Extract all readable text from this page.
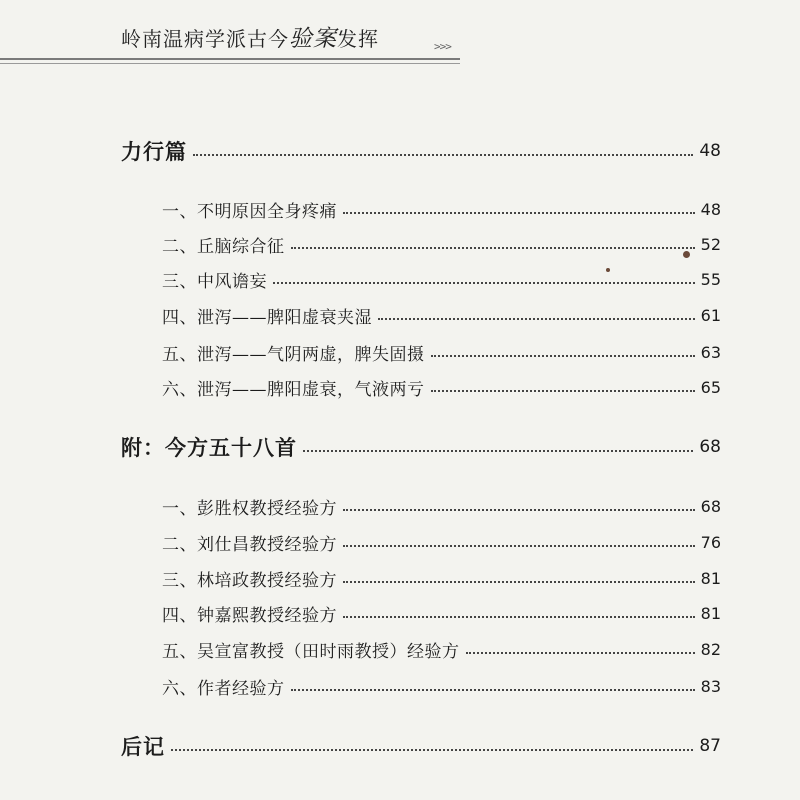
岭南温病学派古今验案发挥	>>>
力行篇	48
一、不明原因全身疼痛	48
二、丘脑综合征	52
三、中风谵妄	55
四、泄泻——脾阳虚衰夹湿	61
五、泄泻——气阴两虚，脾失固摄	63
六、泄泻——脾阳虚衰，气液两亏	65
附：今方五十八首	68
一、彭胜权教授经验方	68
二、刘仕昌教授经验方	76
三、林培政教授经验方	81
四、钟嘉熙教授经验方	81
五、吴宣富教授（田时雨教授）经验方	82
六、作者经验方	83
后记	87
